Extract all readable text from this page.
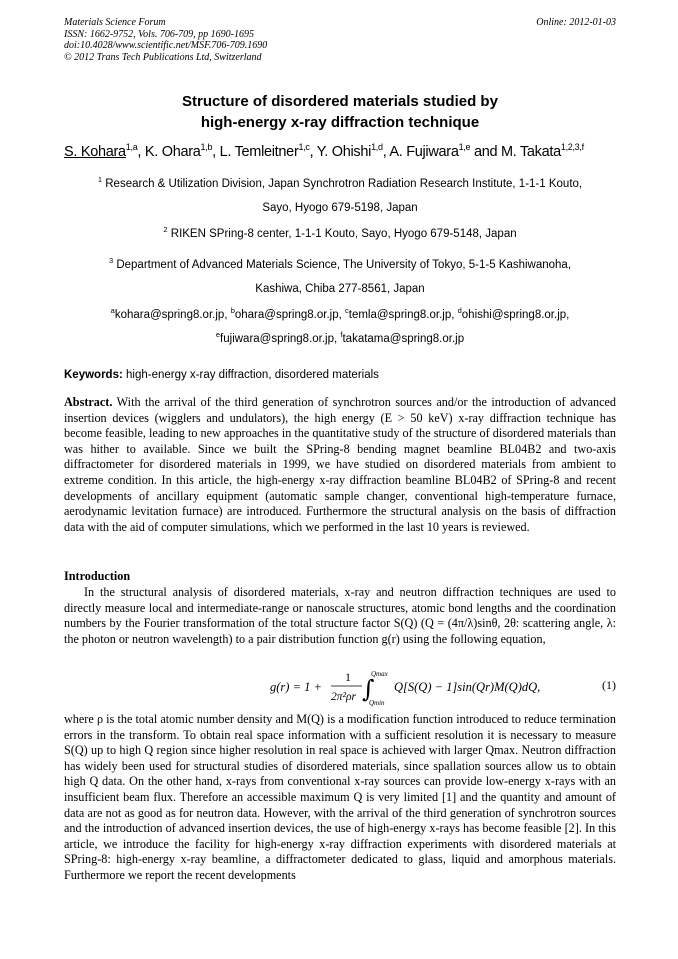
Materials Science Forum
ISSN: 1662-9752, Vols. 706-709, pp 1690-1695
doi:10.4028/www.scientific.net/MSF.706-709.1690
© 2012 Trans Tech Publications Ltd, Switzerland
Online: 2012-01-03
Structure of disordered materials studied by
high-energy x-ray diffraction technique
S. Kohara$^{1,a}$, K. Ohara$^{1,b}$, L. Temleitner$^{1,c}$, Y. Ohishi$^{1,d}$, A. Fujiwara$^{1,e}$ and M. Takata$^{1,2,3,f}$
$^1$ Research & Utilization Division, Japan Synchrotron Radiation Research Institute, 1-1-1 Kouto,
Sayo, Hyogo 679-5198, Japan
$^2$ RIKEN SPring-8 center, 1-1-1 Kouto, Sayo, Hyogo 679-5148, Japan
$^3$ Department of Advanced Materials Science, The University of Tokyo, 5-1-5 Kashiwanoha,
Kashiwa, Chiba 277-8561, Japan
$^a$kohara@spring8.or.jp, $^b$ohara@spring8.or.jp, $^c$temla@spring8.or.jp, $^d$ohishi@spring8.or.jp,
$^e$fujiwara@spring8.or.jp, $^f$takatama@spring8.or.jp
Keywords: high-energy x-ray diffraction, disordered materials
Abstract. With the arrival of the third generation of synchrotron sources and/or the introduction of advanced insertion devices (wigglers and undulators), the high energy (E > 50 keV) x-ray diffraction technique has become feasible, leading to new approaches in the quantitative study of the structure of disordered materials than was hither to available. Since we built the SPring-8 bending magnet beamline BL04B2 and two-axis diffractometer for disordered materials in 1999, we have studied on disordered materials from ambient to extreme condition. In this article, the high-energy x-ray diffraction beamline BL04B2 of SPring-8 and recent developments of ancillary equipment (automatic sample changer, conventional high-temperature furnace, aerodynamic levitation furnace) are introduced. Furthermore the structural analysis on the basis of diffraction data with the aid of computer simulations, which we performed in the last 10 years is reviewed.
Introduction
In the structural analysis of disordered materials, x-ray and neutron diffraction techniques are used to directly measure local and intermediate-range or nanoscale structures, atomic bond lengths and the coordination numbers by the Fourier transformation of the total structure factor S(Q) (Q = (4π/λ)sinθ, 2θ: scattering angle, λ: the photon or neutron wavelength) to a pair distribution function g(r) using the following equation,
g(r) = 1 +
1
2π²ρr ∫
Qmax
Qmin
Q[S(Q) − 1]sin(Qr)M(Q)dQ,	(1)
where ρ is the total atomic number density and M(Q) is a modification function introduced to reduce termination errors in the transform. To obtain real space information with a sufficient resolution it is necessary to measure S(Q) up to high Q region since higher resolution in real space is achieved with larger Qmax. Neutron diffraction has widely been used for structural studies of disordered materials, since spallation sources allow us to obtain high Q data. On the other hand, x-rays from conventional x-ray sources can provide low-energy x-rays with an insufficient beam flux. Therefore an accessible maximum Q is very limited [1] and the quantity and amount of data are not as good as for neutron data. However, with the arrival of the third generation of synchrotron sources and the introduction of advanced insertion devices, the use of high-energy x-rays has become feasible [2]. In this article, we introduce the facility for high-energy x-ray diffraction experiments with disordered materials at SPring-8: high-energy x-ray beamline, a diffractometer dedicated to glass, liquid and amorphous materials. Furthermore we report the recent developments
